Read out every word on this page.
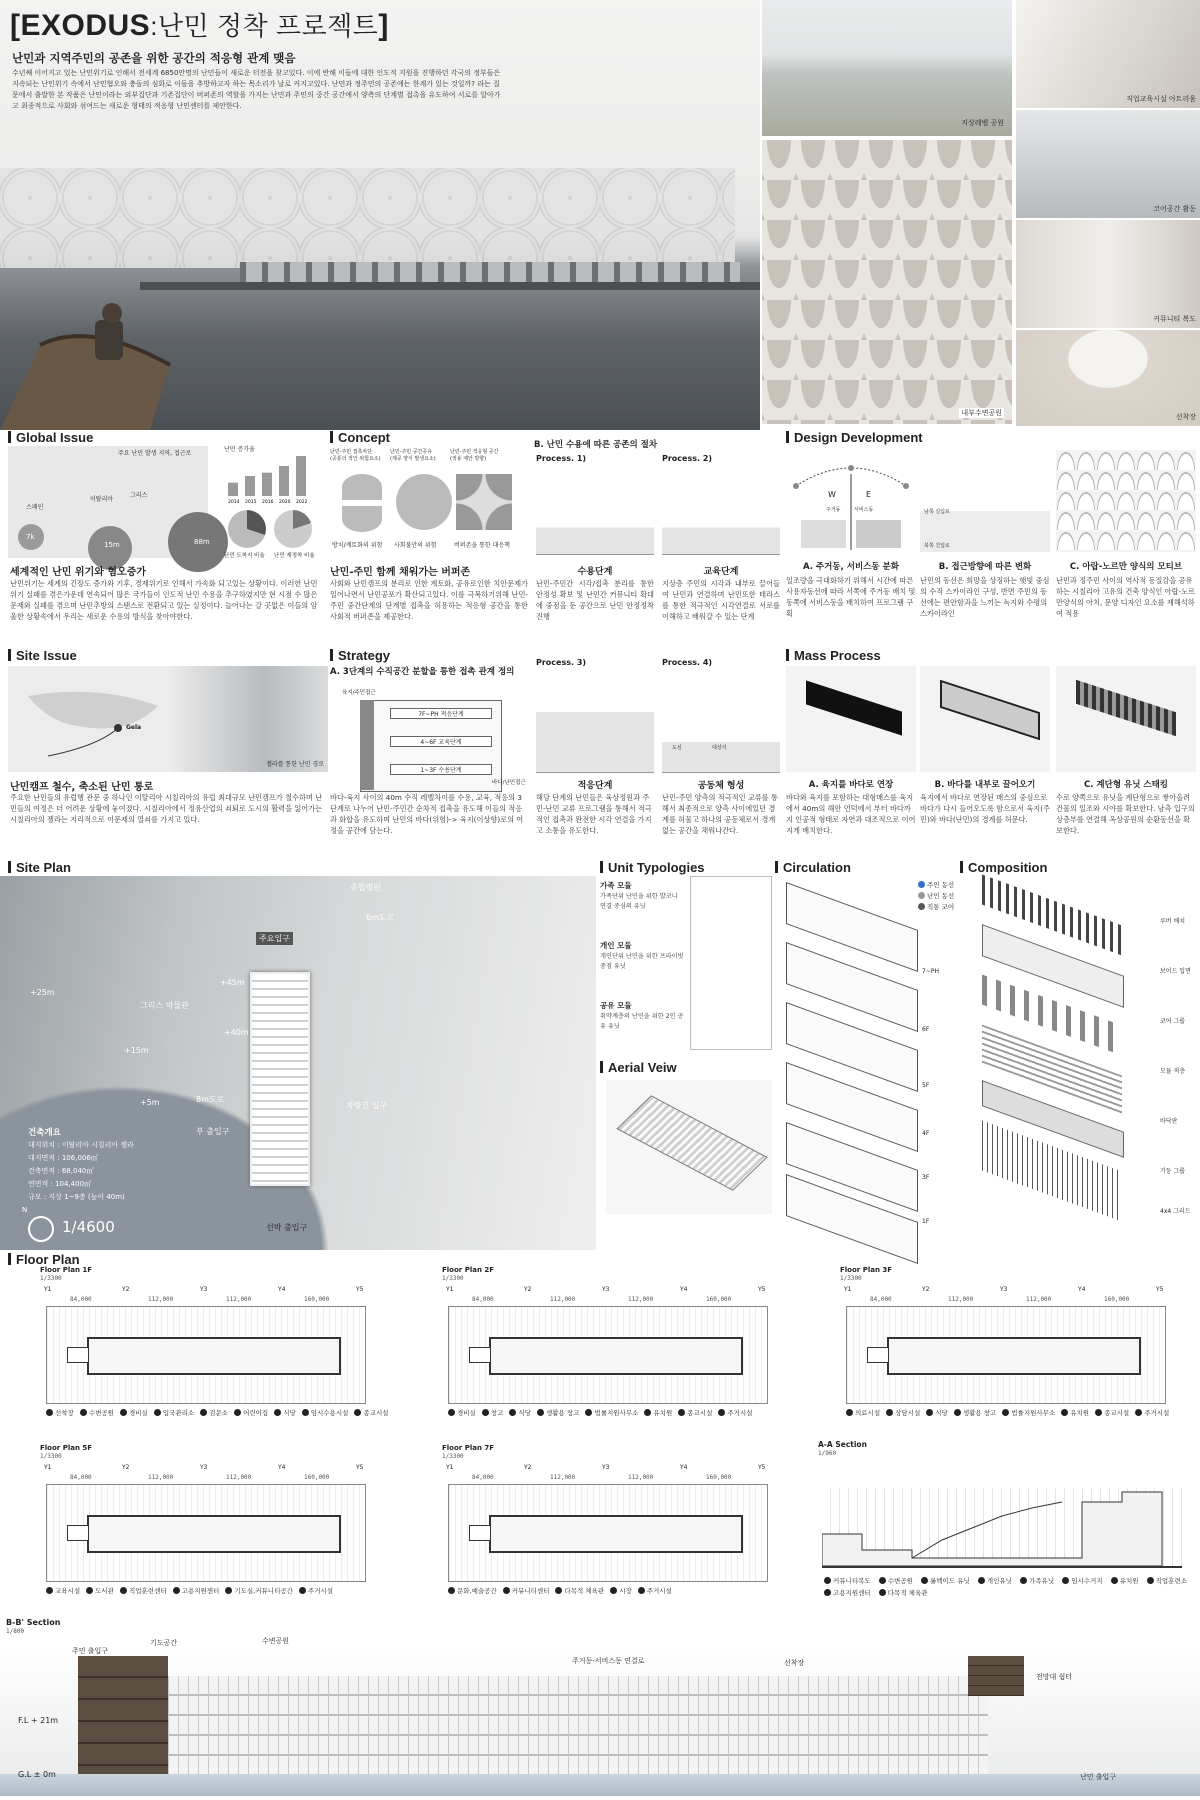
[EXODUS:난민 정착 프로젝트]
난민과 지역주민의 공존을 위한 공간의 적응형 관계 맺음
수년째 이어지고 있는 난민위기로 인해서 전세계 6850만명의 난민들이 새로운 터전을 찾고있다. 이에 반해 이들에 대한 인도적 지원을 진행하던 각국의 정부들은 지속되는 난민위기 속에서 난민혐오와 충돌의 심화로 이들을 추방하고자 하는 목소리가 날로 커지고있다. 난민과 정주민의 공존에는 한계가 있는 것일까? 라는 질문에서 출발한 본 작품은 난민이라는 외부집단과 기존집단이 버퍼존의 역할을 가지는 난민과 주민의 중간 공간에서 양측의 단계별 접촉을 유도하여 서로를 알아가고 최종적으로 사회와 섞여드는 새로운 형태의 적응형 난민센터를 제안한다.
지상레벨 공원
내부수변공원
직업교육시설 아트리움
코어공간 활동
커뮤니티 복도
선착장
Global Issue
주요 난민 발생 지역, 접근로
스페인
이탈리아
그리스
7k
15m	88m
2014 2015 2016 2020 2022
난민 증가율
난민 도착지 비율 난민 재정착 비율
세계적인 난민 위기와 혐오증가
난민위기는 세계의 긴장도 증가와 기후, 경제위기로 인해서 가속화 되고있는 상황이다. 이러한 난민위기 실패를 겪은가운데 연속되어 많은 국가들이 인도적 난민 수용을 추구하였지만 현 시점 수 많은 문제와 실패를 겪으며 난민추방의 스탠스로 전환되고 있는 실정이다. 늘어나는 갈 곳없은 이들의 암울한 상황속에서 우리는 새로운 수용의 방식을 찾아야한다.
Concept
난민-주민 접촉차단
(공통의 적인 위험요소)
난민-주민 공간공유
(제공 양식 발생요소)
난민-주민 적응형 공간
(적용 제안 방향)
방치/계토화의 위험 사회불안의 위험	버퍼존을 통한 대응책
난민-주민 함께 채워가는 버퍼존
사회와 난민캠프의 분리로 인한 계토화, 공유로인한 치안문제가 일어나면서 난민공포가 확산되고있다. 이를 극복하기위해 난민-주민 중간단계의 단계별 접촉을 허용하는 적응형 공간을 통한 사회적 버퍼존을 제공한다.
B. 난민 수용에 따른 공존의 절차
Process. 1)	Process. 2)
수용단계	교육단계
난민-주민간 시각/접촉 분리를 통한 안정성 확보 및 난민간 커뮤니티 확대에 중점을 둔 공간으로 난민 안정정착 진행
지상층 주민의 시각과 내부로 끌어들여 난민과 연결하며 난민또한 테라스를 통한 적극적인 시각연결로 서로를 이해하고 배워갈 수 있는 단계
Design Development
W	E
주거동	서비스동	남쪽 진입로
북쪽 진입로
A. 주거동, 서비스동 분화	B. 접근방향에 따른 변화	C. 아랍-노르만 양식의 모티브
일조량을 극대화하기 위해서 시간에 따른 사용자동선에 따라 서쪽에 주거동 배치 및 동쪽에 서비스동을 배치하여 프로그램 구획
난민의 동선은 희망을 상징하는 햇빛 중심의 수직 스카이라인 구성, 반면 주민의 동선에는 편안함과을 느끼는 녹지와 수평의 스카이라인
난민과 정주민 사이의 역사적 동질감을 공유 하는 시칠리아 고유의 건축 양식인 아랍-노르만양식의 아치, 문양 디자인 요소를 재해석하여 적용
Site Issue
Gela
젤라를 통한 난민 경로
난민캠프 철수, 축소된 난민 통로
주요한 난민들의 유럽행 관문 중 하나인 이탈리아 시칠리아의 유럽 최대규모 난민캠프가 철수하며 난민들의 여정은 더 어려운 상황에 놓여졌다. 시칠리아에서 정유산업의 쇠퇴로 도시의 활력을 잃어가는 시칠리아의 젤라는 지리적으로 이문제의 열쇠를 가지고 있다.
Strategy
A. 3단계의 수직공간 분할을 통한 접촉 관계 정의
육지/주민접근
바다/난민접근
7F~PH 적응단계
4~6F 교육단계
1~3F 수용단계
바다-육지 사이의 40m 수직 레벨차이를 수용, 교육, 적응의 3단계로 나누어 난민-주민간 순차적 접촉을 유도해 이들의 적응과 화합을 유도하며 난민의 바다(위험)-> 육지(이상향)로의 여정을 공간에 담는다.
Process. 3)	Process. 4)
도심	대상지
적응단계	공동체 형성
해당 단계의 난민들은 육상정원과 주민-난민 교류 프로그램을 통해서 적극적인 접촉과 완전한 시각 연결을 가지고 소통을 유도한다.
난민-주민 양측의 적극적인 교류를 통해서 최종적으로 양측 사이에있던 경계를 허물고 하나의 공동체로서 경계없는 공간을 채워나간다.
Mass Process
A. 육지를 바다로 연장	B. 바다를 내부로 끌어오기	C. 계단형 유닛 스태킹
바다와 육지를 포함하는 대형매스를 육지에서 40m의 해안 언덕에서 부터 바다까지 인공적 형태로 자연과 대조적으로 이어지게 배치한다.
육지에서 바다로 연장된 매스의 중심으로 바다가 다시 들어오도록 함으로서 육지(주민)와 바다(난민)의 경계를 허문다.
수로 양쪽으로 유닛을 계단형으로 쌓아올려 건물의 일조와 시야를 확보한다. 남측 입구의 상층부를 연결해 옥상공원의 순환동선을 확보한다.
Site Plan
주요입구
부 출입구
차량진 입구
선박 출입구
6m도로
8m도로
그리스 박물관
종합병원
+25m
+45m
+40m
+15m
+5m
건축개요
대지위치 : 이탈리아 시칠리아 젤라
대지면적 : 106,006㎡
건축면적 : 68,040㎡
연면적 : 104,400㎡
규모 : 지상 1~9층 (높이 40m)
N
1/4600
Unit Typologies
가족 모듈
가족단위 난민을 위한 발코니 연결 중심의 유닛
개인 모듈
개인단위 난민을 위한 프라이빗 중점 유닛
공유 모듈
취약계층의 난민을 위한 2인 공유 유닛
Aerial Veiw
Circulation
주민 동선
난민 동선
직통 코어
7~PH
6F
5F
4F
3F
1F
Composition
루버 배치
보이드 입면
코어 그룹
모듈 적층
바닥판
기둥 그룹
4x4 그리드
Floor Plan
Floor Plan 1F
1/3300
Y1	Y2	Y3	Y4	Y5
84,000	112,000	112,000	160,000
선착장 수변공원 경비실 입국관리소 검문소 어린이집 식당 임시수용시설 종교시설
Floor Plan 2F
1/3300
Y1	Y2	Y3	Y4	Y5
84,000	112,000	112,000	160,000
경비실 창고 식당 생활용 창고 법률지원사무소 유치원 종교시설 주거시설
Floor Plan 3F
1/3300
Y1	Y2	Y3	Y4	Y5
84,000	112,000	112,000	160,000
의료시설 상담시설 식당 생활용 창고 법률지원사무소 유치원 종교시설 주거시설
Floor Plan 5F
1/3300
Y1	Y2	Y3	Y4	Y5
84,000	112,000	112,000	160,000
교육시설 도서관 직업훈련센터 고용지원센터 기도실,커뮤니티공간 주거시설
Floor Plan 7F
1/3300
Y1	Y2	Y3	Y4	Y5
84,000	112,000	112,000	160,000
문화,예술공간 커뮤니티센터 다목적 체육관 시장 주거시설
A-A Section
1/960
커뮤니티복도	수변공원	롤백이드 유닛	개인유닛	가족유닛	임시수거지	유치원	직업훈련소 고용지원센터	다목적 체육관
B-B' Section
1/800
주민 출입구
기도공간	수변공원
주거동-서비스동 연결로	선착장
전망대 쉼터
난민 출입구
F.L + 21m
G.L ± 0m
